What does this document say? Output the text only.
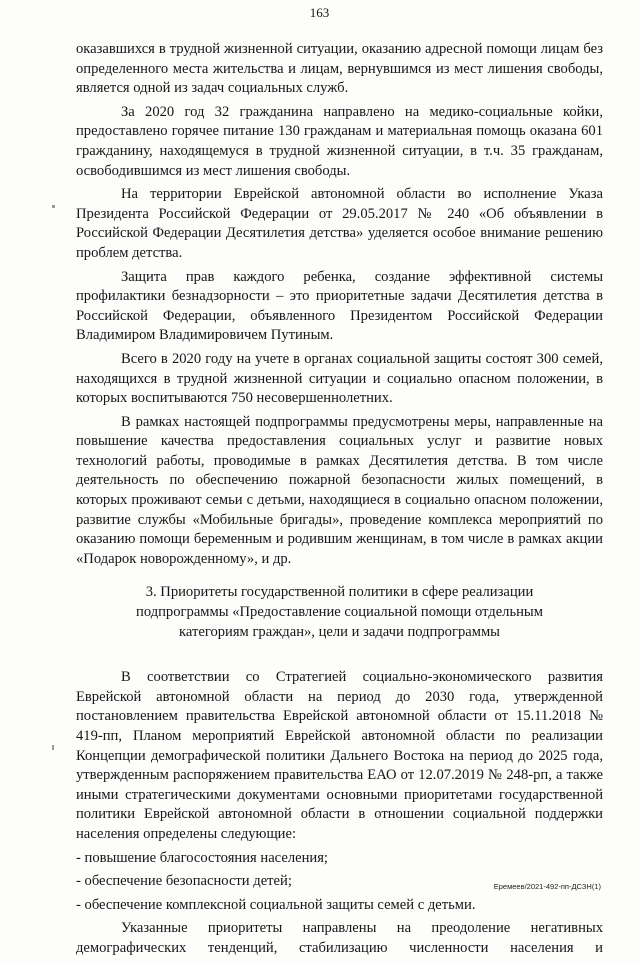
163

оказавшихся в трудной жизненной ситуации, оказанию адресной помощи лицам без определенного места жительства и лицам, вернувшимся из мест лишения свободы, является одной из задач социальных служб.

За 2020 год 32 гражданина направлено на медико-социальные койки, предоставлено горячее питание 130 гражданам и материальная помощь оказана 601 гражданину, находящемуся в трудной жизненной ситуации, в т.ч. 35 гражданам, освободившимся из мест лишения свободы.

На территории Еврейской автономной области во исполнение Указа Президента Российской Федерации от 29.05.2017 № 240 «Об объявлении в Российской Федерации Десятилетия детства» уделяется особое внимание решению проблем детства.

Защита прав каждого ребенка, создание эффективной системы профилактики безнадзорности – это приоритетные задачи Десятилетия детства в Российской Федерации, объявленного Президентом Российской Федерации Владимиром Владимировичем Путиным.

Всего в 2020 году на учете в органах социальной защиты состоят 300 семей, находящихся в трудной жизненной ситуации и социально опасном положении, в которых воспитываются 750 несовершеннолетних.

В рамках настоящей подпрограммы предусмотрены меры, направленные на повышение качества предоставления социальных услуг и развитие новых технологий работы, проводимые в рамках Десятилетия детства. В том числе деятельность по обеспечению пожарной безопасности жилых помещений, в которых проживают семьи с детьми, находящиеся в социально опасном положении, развитие службы «Мобильные бригады», проведение комплекса мероприятий по оказанию помощи беременным и родившим женщинам, в том числе в рамках акции «Подарок новорожденному», и др.

3. Приоритеты государственной политики в сфере реализации
подпрограммы «Предоставление социальной помощи отдельным
категориям граждан», цели и задачи подпрограммы

В соответствии со Стратегией социально-экономического развития Еврейской автономной области на период до 2030 года, утвержденной постановлением правительства Еврейской автономной области от 15.11.2018 № 419-пп, Планом мероприятий Еврейской автономной области по реализации Концепции демографической политики Дальнего Востока на период до 2025 года, утвержденным распоряжением правительства ЕАО от 12.07.2019 № 248-рп, а также иными стратегическими документами основными приоритетами государственной политики Еврейской автономной области в отношении социальной поддержки населения определены следующие:

- повышение благосостояния населения;

- обеспечение безопасности детей;

- обеспечение комплексной социальной защиты семей с детьми.

Указанные приоритеты направлены на преодоление негативных демографических тенденций, стабилизацию численности населения и

Еремеев/2021-492-пп-ДСЗН(1)
